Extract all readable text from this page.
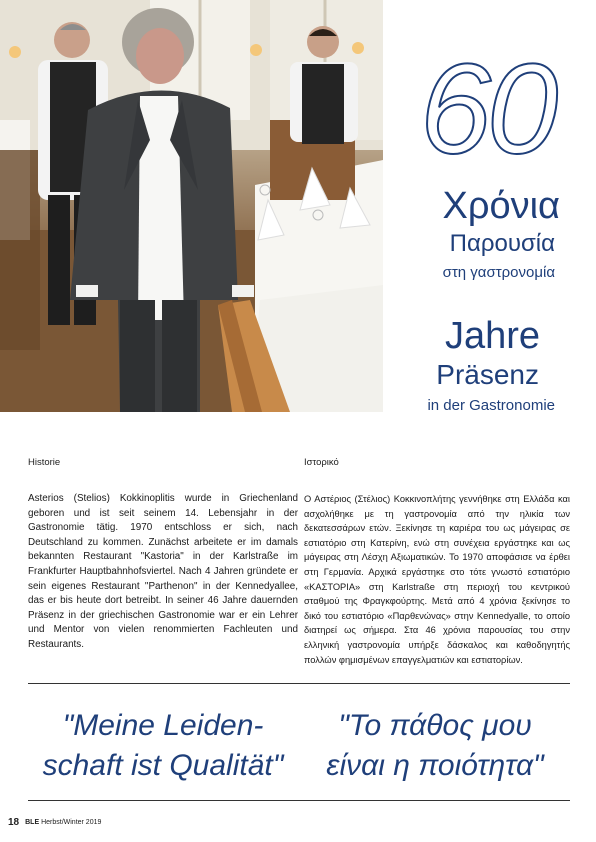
60
Χρόνια
Παρουσία
στη γαστρονομία
Jahre
Präsenz
in der Gastronomie
Historie	Ιστορικό
Asterios (Stelios) Kokkinoplitis wurde in Griechenland geboren und ist seit seinem 14. Lebensjahr in der Gastronomie tätig. 1970 entschloss er sich, nach Deutschland zu kommen. Zunächst arbeitete er im damals bekannten Restaurant "Kastoria" in der Karlstraße im Frankfurter Hauptbahnhofsviertel. Nach 4 Jahren gründete er sein eigenes Restaurant "Parthenon" in der Kennedyallee, das er bis heute dort betreibt. In seiner 46 Jahre dauernden Präsenz in der griechischen Gastronomie war er ein Lehrer und Mentor von vielen renommierten Fachleuten und Restaurants.
Ο Αστέριος (Στέλιος) Κοκκινοπλήτης γεννήθηκε στη Ελλάδα και ασχολήθηκε με τη γαστρονομία από την ηλικία των δεκατεσσάρων ετών. Ξεκίνησε τη καριέρα του ως μάγειρας σε εστιατόριο στη Κατερίνη, ενώ στη συνέχεια εργάστηκε και ως μάγειρας στη Λέσχη Αξιωματικών. Το 1970 αποφάσισε να έρθει στη Γερμανία. Αρχικά εργάστηκε στο τότε γνωστό εστιατόριο «ΚΑΣΤΟΡΙΑ» στη Karlstraße στη περιοχή του κεντρικού σταθμού της Φραγκφούρτης. Μετά από 4 χρόνια ξεκίνησε το δικό του εστιατόριο «Παρθενώνας» στην Kennedyalle, το οποίο διατηρεί ως σήμερα. Στα 46 χρόνια παρουσίας του στην ελληνική γαστρονομία υπήρξε δάσκαλος και καθοδηγητής πολλών φημισμένων επαγγελματιών και εστιατορίων.
"Meine Leiden-
schaft ist Qualität"
"Το πάθος μου
είναι η ποιότητα"
18 BLE Herbst/Winter 2019
